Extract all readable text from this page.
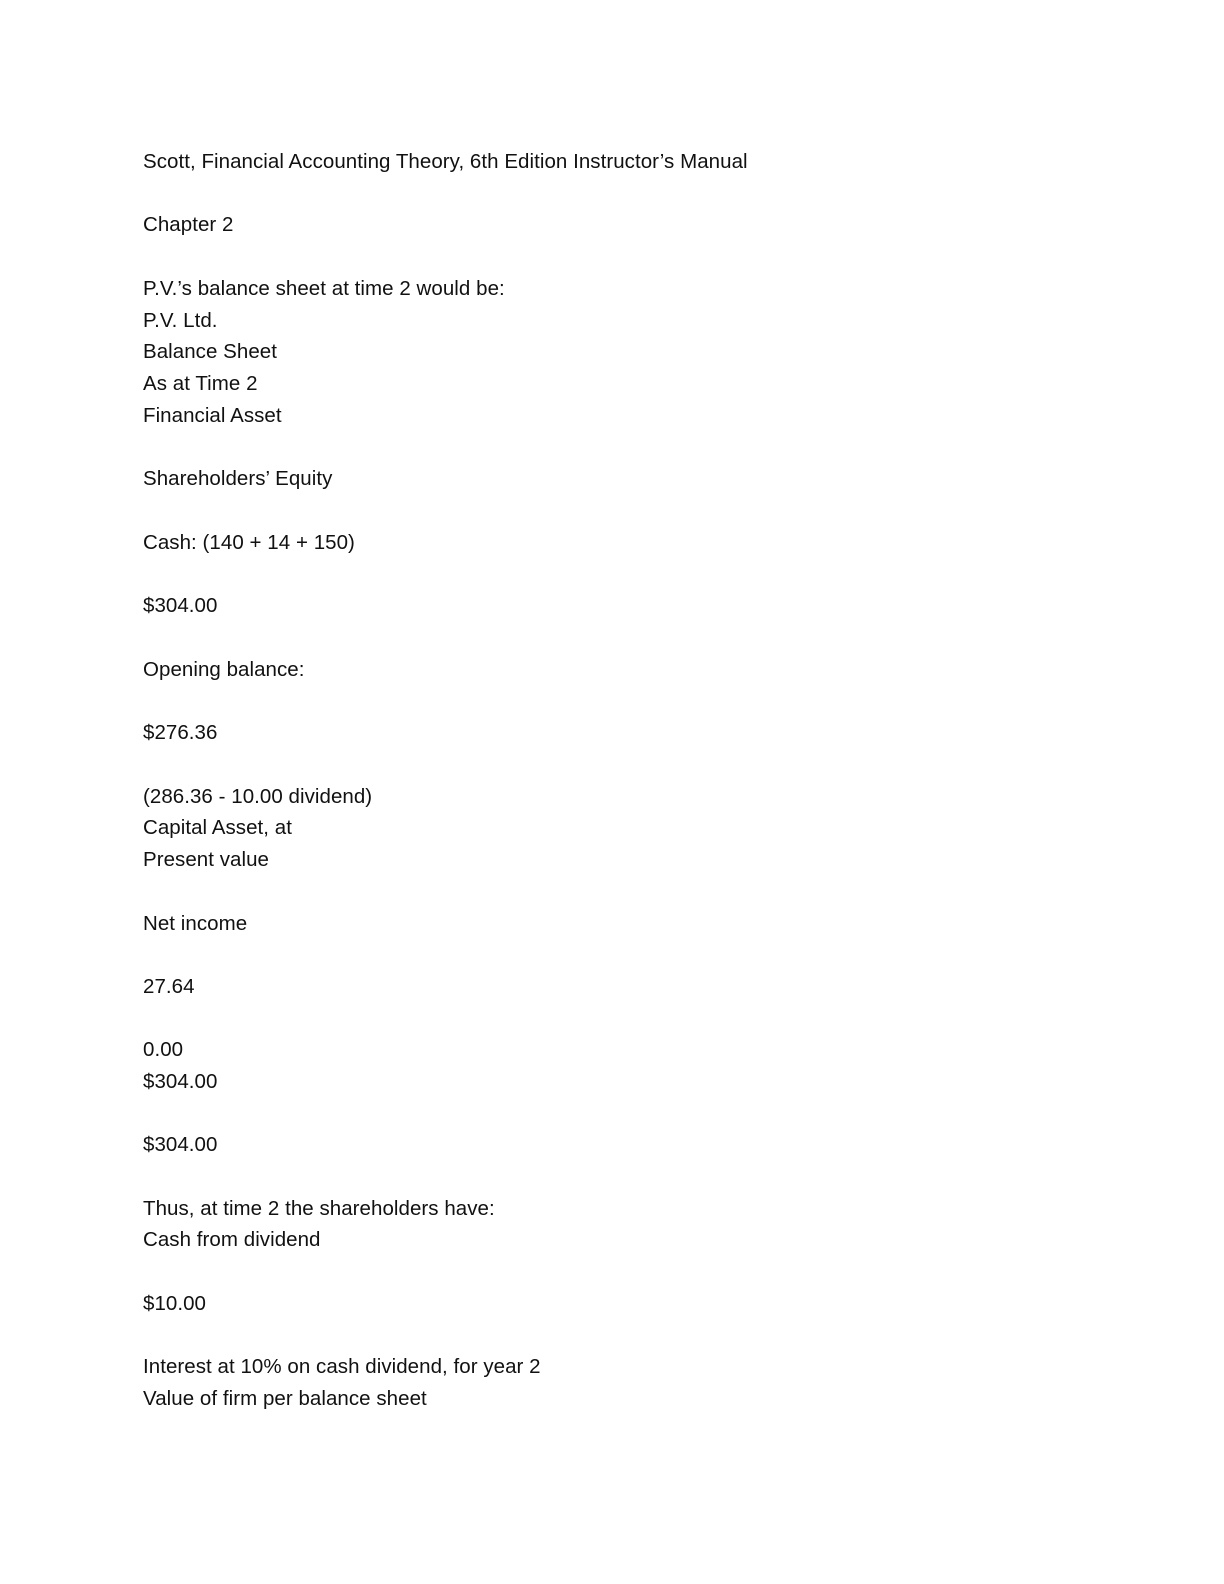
Scott, Financial Accounting Theory, 6th Edition Instructor’s Manual
Chapter 2
P.V.’s balance sheet at time 2 would be:
P.V. Ltd.
Balance Sheet
As at Time 2
Financial Asset
Shareholders’ Equity
Cash: (140 + 14 + 150)
$304.00
Opening balance:
$276.36
(286.36 - 10.00 dividend)
Capital Asset, at
Present value
Net income
27.64
0.00
$304.00
$304.00
Thus, at time 2 the shareholders have:
Cash from dividend
$10.00
Interest at 10% on cash dividend, for year 2
Value of firm per balance sheet
